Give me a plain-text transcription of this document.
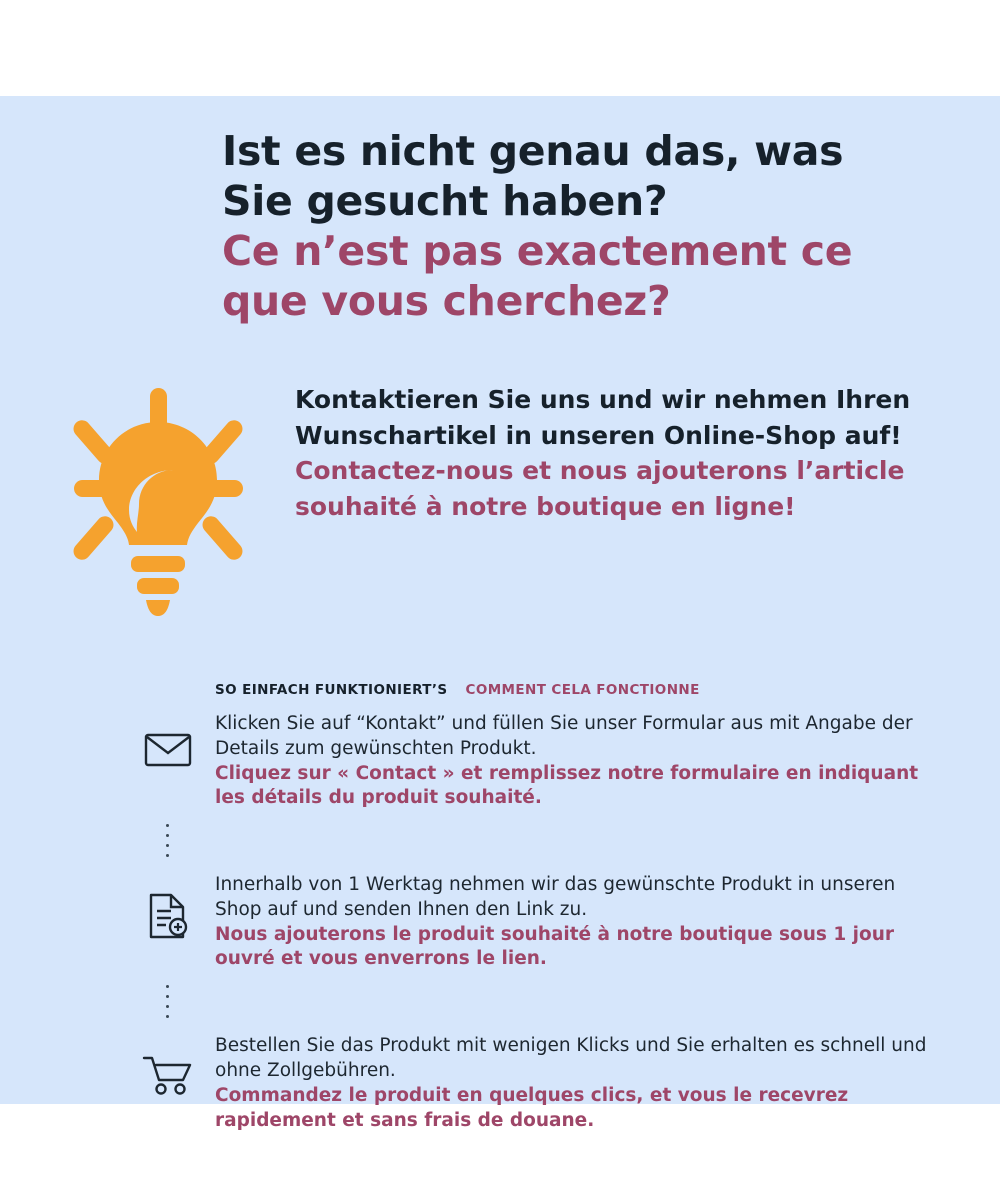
Ist es nicht genau das, was Sie gesucht haben?

Ce n’est pas exactement ce que vous cherchez?

Kontaktieren Sie uns und wir nehmen Ihren Wunschartikel in unseren Online-Shop auf!

Contactez-nous et nous ajouterons l’article souhaité à notre boutique en ligne!

SO EINFACH FUNKTIONIERT’S COMMENT CELA FONCTIONNE

Klicken Sie auf “Kontakt” und füllen Sie unser Formular aus mit Angabe der Details zum gewünschten Produkt.

Cliquez sur « Contact » et remplissez notre formulaire en indiquant les détails du produit souhaité.

Innerhalb von 1 Werktag nehmen wir das gewünschte Produkt in unseren Shop auf und senden Ihnen den Link zu.

Nous ajouterons le produit souhaité à notre boutique sous 1 jour ouvré et vous enverrons le lien.

Bestellen Sie das Produkt mit wenigen Klicks und Sie erhalten es schnell und ohne Zollgebühren.

Commandez le produit en quelques clics, et vous le recevrez rapidement et sans frais de douane.
